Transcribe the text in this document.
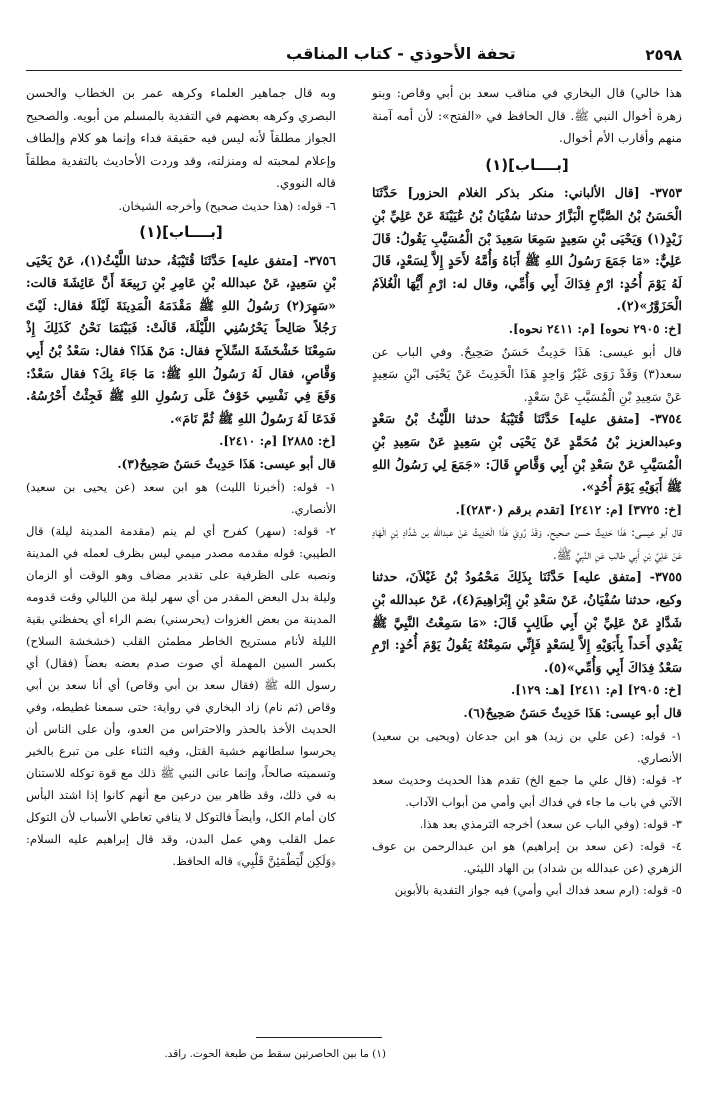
٢٥٩٨
تحفة الأحوذي - كتاب المناقب

هذا خالي) قال البخاري في مناقب سعد بن أبي وقاص: وبنو زهرة أخوال النبي ﷺ. قال الحافظ في «الفتح»: لأن أمه آمنة منهم وأقارب الأم أخوال.

[بــــاب](١)

٣٧٥٣- [قال الألباني: منكر بذكر الغلام الحزور] حَدَّثَنَا الْحَسَنُ بْنُ الصَّبَّاحِ الْبَزَّارُ حدثنا سُفْيَانُ بْنُ عُيَيْنَةَ عَنْ عَلِيِّ بْنِ زَيْدٍ(١) وَيَحْيَى بْنِ سَعِيدٍ سَمِعَا سَعِيدَ بْنَ الْمُسَيَّبِ يَقُولُ: قَالَ عَلِيٌّ: «مَا جَمَعَ رَسُولُ اللهِ ﷺ أَبَاهُ وَأُمَّهُ لأَحَدٍ إِلاَّ لِسَعْدٍ، قَالَ لَهُ يَوْمَ أُحُدٍ: ارْمِ فِدَاكَ أَبِي وَأُمِّي، وقال له: ارْمِ أَيُّهَا الْغُلاَمُ الْحَزَوَّرُ»(٢).

[خ: ٢٩٠٥ نحوه] [م: ٢٤١١ نحوه].

قال أبو عيسى: هَذَا حَدِيثٌ حَسَنٌ صَحِيحٌ. وفي الباب عن سعد(٣) وَقَدْ رَوَى غَيْرُ وَاحِدٍ هَذَا الْحَدِيثَ عَنْ يَحْيَى ابْنِ سَعِيدٍ عَنْ سَعِيدِ بْنِ الْمُسَيَّبِ عَنْ سَعْدٍ.

٣٧٥٤- [متفق عليه] حَدَّثَنَا قُتَيْبَةُ حدثنا اللَّيْثُ بْنُ سَعْدٍ وعبدالعزيز بْنُ مُحَمَّدٍ عَنْ يَحْيَى بْنِ سَعِيدٍ عَنْ سَعِيدِ بْنِ الْمُسَيَّبِ عَنْ سَعْدِ بْنِ أَبِي وَقَّاصٍ قَالَ: «جَمَعَ لِي رَسُولُ اللهِ ﷺ أَبَوَيْهِ يَوْمَ أُحُدٍ».

[خ: ٣٧٢٥] [م: ٢٤١٢] [تقدم برقم (٢٨٣٠)].

قال أبو عيسى: هَذَا حَدِيثٌ حسن صحيح. وَقَدْ رُوِيَ هَذَا الْحَدِيثُ عَنْ عبدالله بن شَدَّادِ بْنِ الْهَادِ عَنْ عَلِيِّ بْنِ أَبِي طالب عَنِ النَّبِيِّ ﷺ.

٣٧٥٥- [متفق عليه] حَدَّثَنَا بِذَلِكَ مَحْمُودُ بْنُ غَيْلاَنَ، حدثنا وكيع، حدثنا سُفْيَانُ، عَنْ سَعْدِ بْنِ إِبْرَاهِيمَ(٤)، عَنْ عبدالله بْنِ شَدَّادٍ عَنْ عَلِيِّ بْنِ أَبِي طَالِبٍ قَالَ: «مَا سَمِعْتُ النَّبِيَّ ﷺ يَفْدِي أَحَداً بِأَبَوَيْهِ إِلاَّ لِسَعْدٍ فَإِنِّي سَمِعْتُهُ يَقُولُ يَوْمَ أُحُدٍ: ارْمِ سَعْدُ فِدَاكَ أَبِي وَأُمِّي»(٥).

[خ: ٢٩٠٥] [م: ٢٤١١] [هـ: ١٢٩].

قال أبو عيسى: هَذَا حَدِيثٌ حَسَنٌ صَحِيحٌ(٦).

١- قوله: (عن علي بن زيد) هو ابن جدعان (ويحيى بن سعيد) الأنصاري.

٢- قوله: (قال علي ما جمع الخ) تقدم هذا الحديث وحديث سعد الآتي في باب ما جاء في فداك أبي وأمي من أبواب الآداب.

٣- قوله: (وفي الباب عن سعد) أخرجه الترمذي بعد هذا.

٤- قوله: (عن سعد بن إبراهيم) هو ابن عبدالرحمن بن عوف الزهري (عن عبدالله بن شداد) بن الهاد الليثي.

٥- قوله: (ارم سعد فداك أبي وأمي) فيه جواز التفدية بالأبوين

وبه قال جماهير العلماء وكرهه عمر بن الخطاب والحسن البصري وكرهه بعضهم في التفدية بالمسلم من أبويه. والصحيح الجواز مطلقاً لأنه ليس فيه حقيقة فداء وإنما هو كلام وإلطاف وإعلام لمحبته له ومنزلته، وقد وردت الأحاديث بالتفدية مطلقاً قاله النووي.

٦- قوله: (هذا حديث صحيح) وأخرجه الشيخان.

[بــــاب](١)

٣٧٥٦- [متفق عليه] حَدَّثَنَا قُتَيْبَةُ، حدثنا اللَّيْثُ(١)، عَنْ يَحْيَى بْنِ سَعِيدٍ، عَنْ عبدالله بْنِ عَامِرِ بْنِ رَبِيعَةَ أَنَّ عَائِشَةَ قالت: «سَهِرَ(٢) رَسُولُ اللهِ ﷺ مَقْدَمَهُ الْمَدِينَةَ لَيْلَةً فقال: لَيْتَ رَجُلاً صَالِحاً يَحْرُسُنِي اللَّيْلَةَ، قَالَتْ: فَبَيْنَمَا نَحْنُ كَذَلِكَ إِذْ سَمِعْنَا خَشْخَشَةَ السِّلاَحِ فقال: مَنْ هَذَا؟ فقال: سَعْدُ بْنُ أَبِي وَقَّاصٍ، فقال لَهُ رَسُولُ اللهِ ﷺ: مَا جَاءَ بِكَ؟ فقال سَعْدٌ: وَقَعَ فِي نَفْسِي خَوْفٌ عَلَى رَسُولِ اللهِ ﷺ فَجِئْتُ أَحْرُسُهُ. فَدَعَا لَهُ رَسُولُ اللهِ ﷺ ثُمَّ نَامَ».

[خ: ٢٨٨٥] [م: ٢٤١٠].

قال أبو عيسى: هَذَا حَدِيثٌ حَسَنٌ صَحِيحٌ(٣).

١- قوله: (أخبرنا الليث) هو ابن سعد (عن يحيى بن سعيد) الأنصاري.

٢- قوله: (سهر) كفرح أي لم ينم (مقدمة المدينة ليلة) قال الطيبي: قوله مقدمه مصدر ميمي ليس بظرف لعمله في المدينة ونصبه على الظرفية على تقدير مضاف وهو الوقت أو الزمان وليلة بدل البعض المقدر من أي سهر ليلة من الليالي وقت قدومه المدينة من بعض الغزوات (يحرسني) بضم الراء أي يحفظني بقية الليلة لأنام مستريح الخاطر مطمئن القلب (خشخشة السلاح) بكسر السين المهملة أي صوت صدم بعضه بعضاً (فقال) أي رسول الله ﷺ (فقال سعد بن أبي وقاص) أي أنا سعد بن أبي وقاص (ثم نام) زاد البخاري في رواية: حتى سمعنا غطيطه، وفي الحديث الأخذ بالحذر والاحتراس من العدو، وأن على الناس أن يحرسوا سلطانهم خشية القتل، وفيه الثناء على من تبرع بالخير وتسميته صالحاً، وإنما عانى النبي ﷺ ذلك مع قوة توكله للاستنان به في ذلك، وقد ظاهر بين درعين مع أنهم كانوا إذا اشتد البأس كان أمام الكل، وأيضاً فالتوكل لا ينافي تعاطي الأسباب لأن التوكل عمل القلب وهي عمل البدن، وقد قال إبراهيم عليه السلام: ﴿وَلَكِن لِّيَطْمَئِنَّ قَلْبِي﴾ قاله الحافظ.

(١) ما بين الحاصرتين سقط من طبعة الحوت. راقد.
